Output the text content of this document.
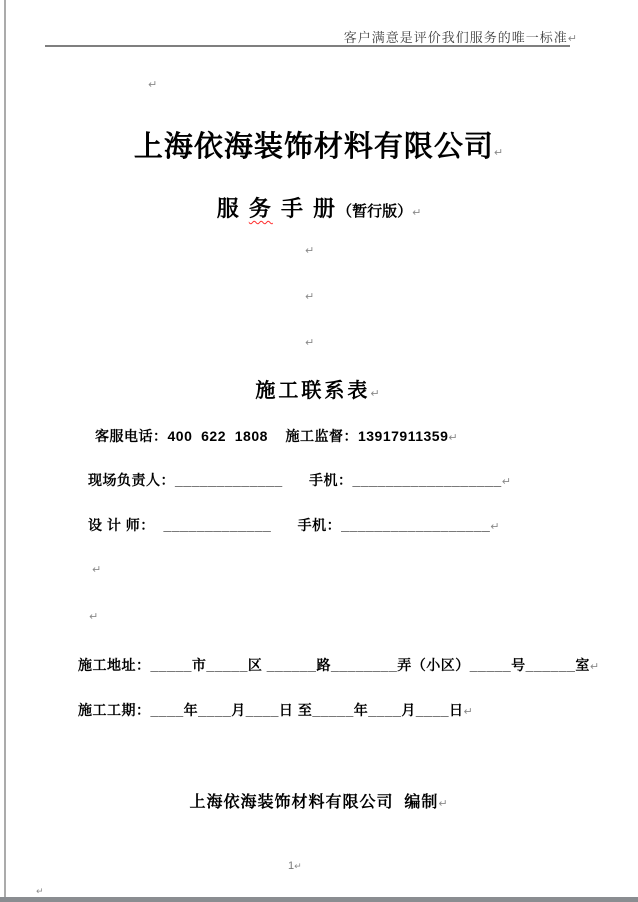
客户满意是评价我们服务的唯一标准↵
↵
上海依海装饰材料有限公司↵
服 务 手 册（暂行版）↵
↵
↵
↵
施工联系表↵
客服电话：400  622  1808    施工监督：13917911359↵
现场负责人：_____________      手机：__________________↵
设 计 师：  _____________      手机：__________________↵
↵
↵
施工地址：_____市_____区 ______路________弄（小区）_____号______室↵
施工工期：____年____月____日 至_____年____月____日↵
上海依海装饰材料有限公司  编制↵
1↵
↵
